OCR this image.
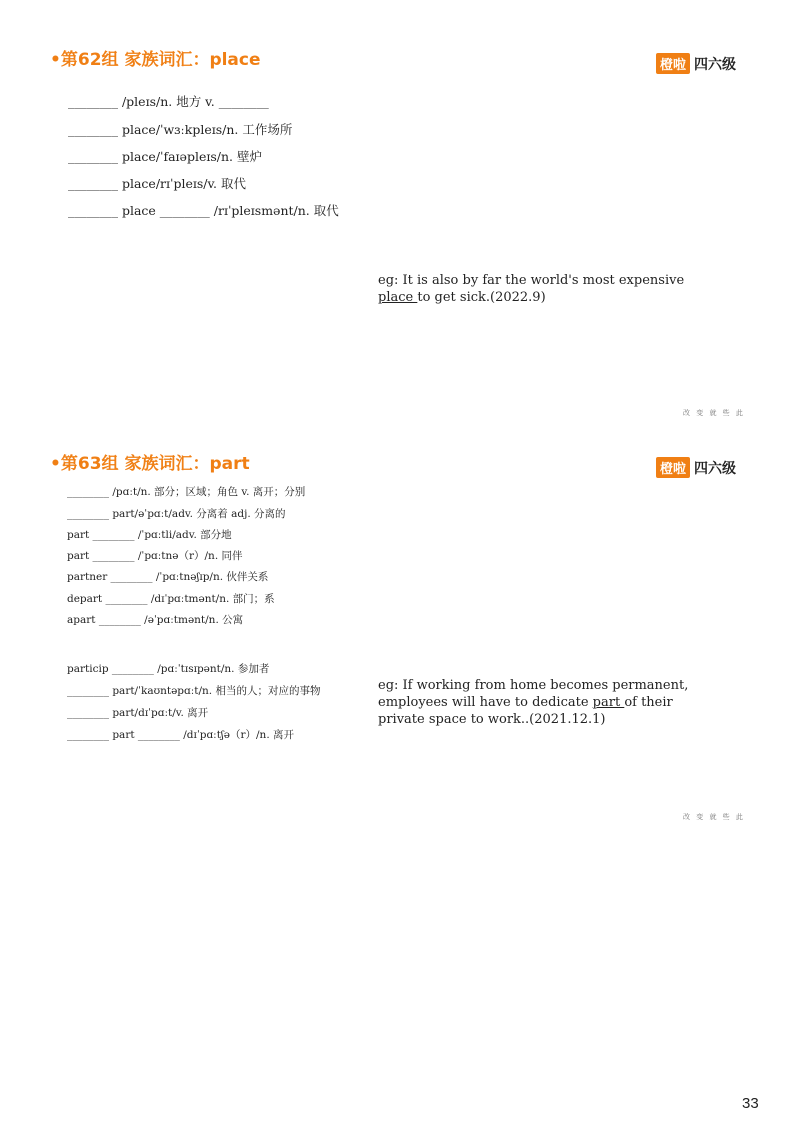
•第62组 家族词汇：place	橙啦 四六级
________ /pleɪs/n. 地方 v. ________
________ place/ˈwɜːkpleɪs/n. 工作场所
________ place/ˈfaɪəpleɪs/n. 壁炉
________ place/rɪˈpleɪs/v. 取代
________ place ________ /rɪˈpleɪsmənt/n. 取代
eg: It is also by far the world's most expensive place to get sick.(2022.9)
改 变 就 些 此
•第63组 家族词汇：part	橙啦 四六级
________ /pɑːt/n. 部分；区域；角色 v. 离开；分别
________ part/əˈpɑːt/adv. 分离着 adj. 分离的
part ________ /ˈpɑːtli/adv. 部分地
part ________ /ˈpɑːtnə（r）/n. 同伴
partner ________ /ˈpɑːtnəʃɪp/n. 伙伴关系
depart ________ /dɪˈpɑːtmənt/n. 部门；系
apart ________ /əˈpɑːtmənt/n. 公寓
particip ________ /pɑːˈtɪsɪpənt/n. 参加者
________ part/ˈkaʊntəpɑːt/n. 相当的人；对应的事物
________ part/dɪˈpɑːt/v. 离开
________ part ________ /dɪˈpɑːtʃə（r）/n. 离开
eg: If working from home becomes permanent, employees will have to dedicate part of their private space to work..(2021.12.1)
改 变 就 些 此
33
